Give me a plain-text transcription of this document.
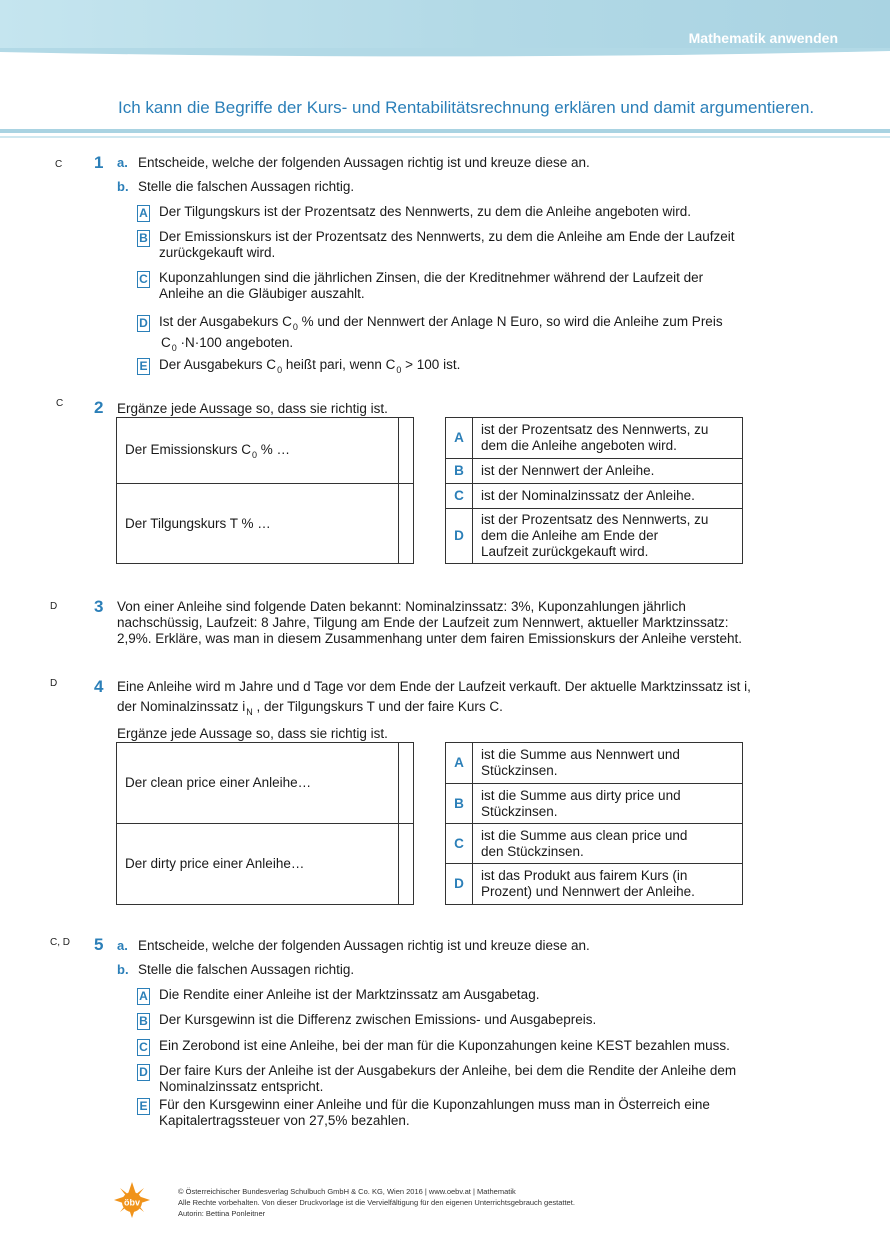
Mathematik anwenden
Ich kann die Begriffe der Kurs- und Rentabilitätsrechnung erklären und damit argumentieren.
C 1 a. Entscheide, welche der folgenden Aussagen richtig ist und kreuze diese an.
b. Stelle die falschen Aussagen richtig.
A Der Tilgungskurs ist der Prozentsatz des Nennwerts, zu dem die Anleihe angeboten wird.
B Der Emissionskurs ist der Prozentsatz des Nennwerts, zu dem die Anleihe am Ende der Laufzeit
zurückgekauft wird.
C Kuponzahlungen sind die jährlichen Zinsen, die der Kreditnehmer während der Laufzeit der
Anleihe an die Gläubiger auszahlt.
D Ist der Ausgabekurs $C_0$ % und der Nennwert der Anlage N Euro, so wird die Anleihe zum Preis
$C_0 \cdot N\cdot 100$ angeboten.
E Der Ausgabekurs $C_0$ heißt pari, wenn $C_0 > 100$ ist.
C 2 Ergänze jede Aussage so, dass sie richtig ist.
Der Emissionskurs $C_0$ % …	
Der Tilgungskurs T % …	
A	ist der Prozentsatz des Nennwerts, zu
dem die Anleihe angeboten wird.

B	ist der Nennwert der Anleihe.
C	ist der Nominalzinssatz der Anleihe.
D	ist der Prozentsatz des Nennwerts, zu
dem die Anleihe am Ende der
Laufzeit zurückgekauft wird.
D 3 Von einer Anleihe sind folgende Daten bekannt: Nominalzinssatz: 3%, Kuponzahlungen jährlich
nachschüssig, Laufzeit: 8 Jahre, Tilgung am Ende der Laufzeit zum Nennwert, aktueller Marktzinssatz:
2,9%. Erkläre, was man in diesem Zusammenhang unter dem fairen Emissionskurs der Anleihe versteht.
D 4 Eine Anleihe wird m Jahre und d Tage vor dem Ende der Laufzeit verkauft. Der aktuelle Marktzinssatz ist i,
der Nominalzinssatz $i_N$ , der Tilgungskurs T und der faire Kurs C.
Ergänze jede Aussage so, dass sie richtig ist.
Der clean price einer Anleihe…	
Der dirty price einer Anleihe…	
A	ist die Summe aus Nennwert und
Stückzinsen.

B	ist die Summe aus dirty price und
Stückzinsen.

C	ist die Summe aus clean price und
den Stückzinsen.

D	ist das Produkt aus fairem Kurs (in
Prozent) und Nennwert der Anleihe.
C, D 5 a. Entscheide, welche der folgenden Aussagen richtig ist und kreuze diese an.
b. Stelle die falschen Aussagen richtig.
A Die Rendite einer Anleihe ist der Marktzinssatz am Ausgabetag.
B Der Kursgewinn ist die Differenz zwischen Emissions- und Ausgabepreis.
C Ein Zerobond ist eine Anleihe, bei der man für die Kuponzahungen keine KEST bezahlen muss.
D Der faire Kurs der Anleihe ist der Ausgabekurs der Anleihe, bei dem die Rendite der Anleihe dem
Nominalzinssatz entspricht.
E Für den Kursgewinn einer Anleihe und für die Kuponzahlungen muss man in Österreich eine
Kapitalertragssteuer von 27,5% bezahlen.
öbv
© Österreichischer Bundesverlag Schulbuch GmbH & Co. KG, Wien 2016 | www.oebv.at | Mathematik
Alle Rechte vorbehalten. Von dieser Druckvorlage ist die Vervielfältigung für den eigenen Unterrichtsgebrauch gestattet.
Autorin: Bettina Ponleitner
